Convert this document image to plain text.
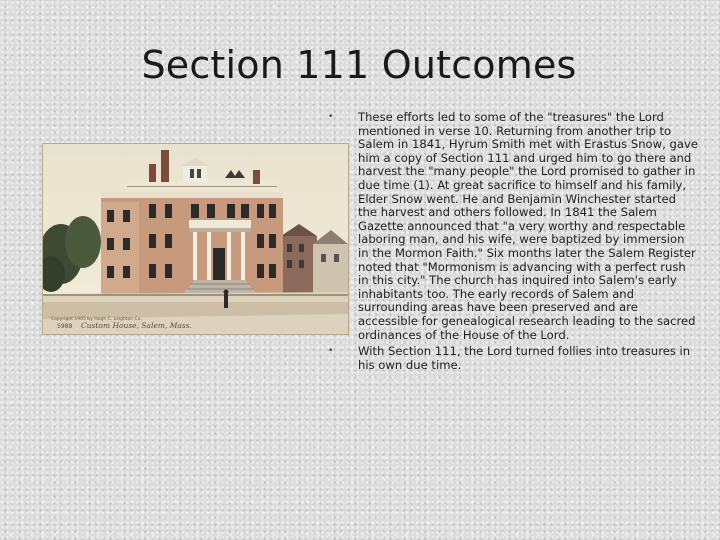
Section 111 Outcomes
Copyright 1905 by Hugh C. Leighton Co.
5988 Custom House, Salem, Mass.
•	These efforts led to some of the "treasures" the Lord mentioned in verse 10. Returning from another trip to Salem in 1841, Hyrum Smith met with Erastus Snow, gave him a copy of Section 111 and urged him to go there and harvest the "many people" the Lord promised to gather in due time (1). At great sacrifice to himself and his family, Elder Snow went. He and Benjamin Winchester started the harvest and others followed. In 1841 the Salem Gazette announced that "a very worthy and respectable laboring man, and his wife, were baptized by immersion in the Mormon Faith." Six months later the Salem Register noted that "Mormonism is advancing with a perfect rush in this city." The church has inquired into Salem's early inhabitants too. The early records of Salem and surrounding areas have been preserved and are accessible for genealogical research leading to the sacred ordinances of the House of the Lord.
•	With Section 111, the Lord turned follies into treasures in his own due time.
